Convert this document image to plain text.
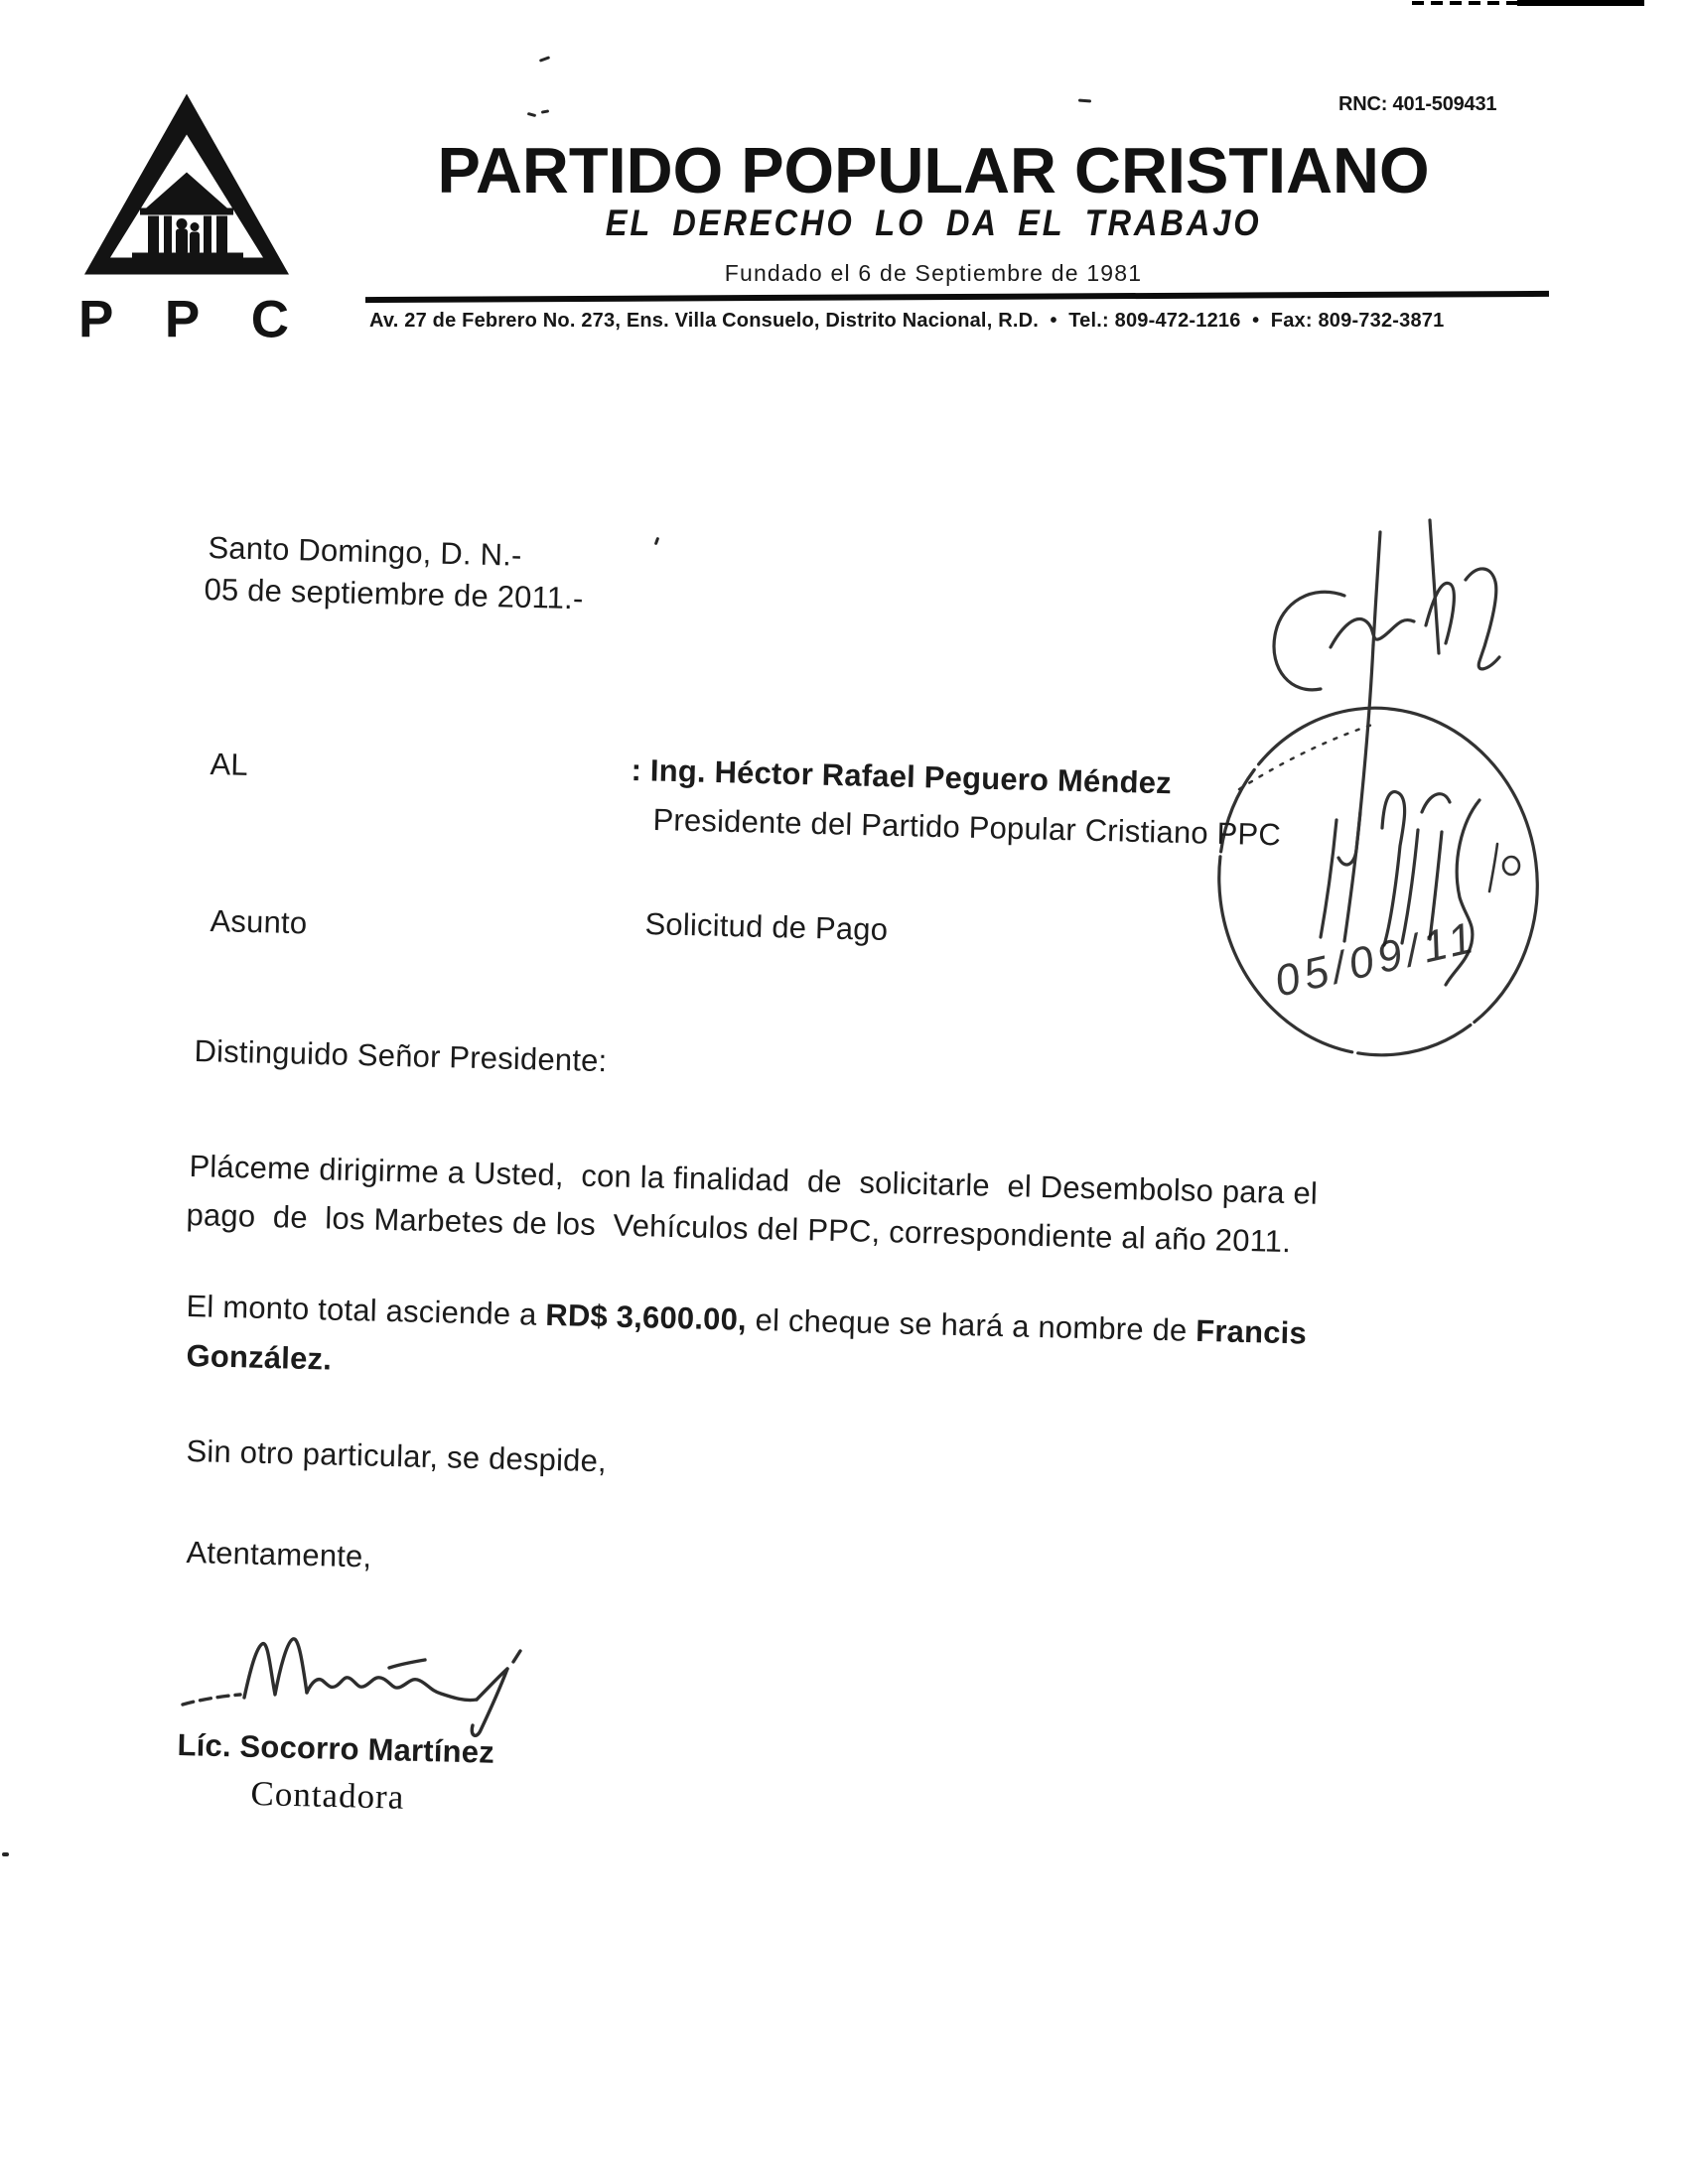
RNC: 401-509431
P P C
PARTIDO POPULAR CRISTIANO
EL DERECHO LO DA EL TRABAJO
Fundado el 6 de Septiembre de 1981
Av. 27 de Febrero No. 273, Ens. Villa Consuelo, Distrito Nacional, R.D.  •  Tel.: 809-472-1216  •  Fax: 809-732-3871
Santo Domingo, D. N.-
05 de septiembre de 2011.-
AL	: Ing. Héctor Rafael Peguero Méndez
Presidente del Partido Popular Cristiano PPC
Asunto	Solicitud de Pago
Distinguido Señor Presidente:
Pláceme dirigirme a Usted,  con la finalidad  de  solicitarle  el Desembolso para el
pago  de  los Marbetes de los  Vehículos del PPC, correspondiente al año 2011.
El monto total asciende a RD$ 3,600.00, el cheque se hará a nombre de Francis
González.
Sin otro particular, se despide,
Atentamente,
Líc. Socorro Martínez
Contadora
05/09/11
